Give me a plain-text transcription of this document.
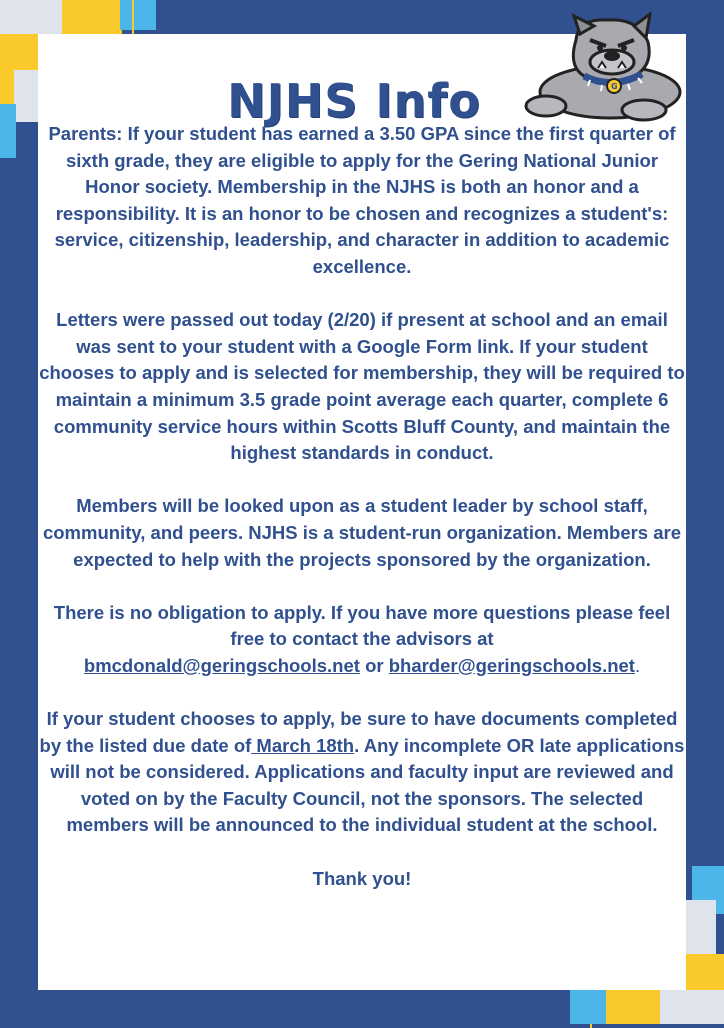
NJHS Info	G

Parents: If your student has earned a 3.50 GPA since the first quarter of sixth grade, they are eligible to apply for the Gering National Junior Honor society. Membership in the NJHS is both an honor and a responsibility. It is an honor to be chosen and recognizes a student's: service, citizenship, leadership, and character in addition to academic excellence.

Letters were passed out today (2/20) if present at school and an email was sent to your student with a Google Form link. If your student chooses to apply and is selected for membership, they will be required to maintain a minimum 3.5 grade point average each quarter, complete 6 community service hours within Scotts Bluff County, and maintain the highest standards in conduct.

Members will be looked upon as a student leader by school staff, community, and peers. NJHS is a student-run organization. Members are expected to help with the projects sponsored by the organization.

There is no obligation to apply. If you have more questions please feel free to contact the advisors at
bmcdonald@geringschools.net or bharder@geringschools.net.

If your student chooses to apply, be sure to have documents completed by the listed due date of March 18th. Any incomplete OR late applications will not be considered. Applications and faculty input are reviewed and voted on by the Faculty Council, not the sponsors. The selected members will be announced to the individual student at the school.

Thank you!
